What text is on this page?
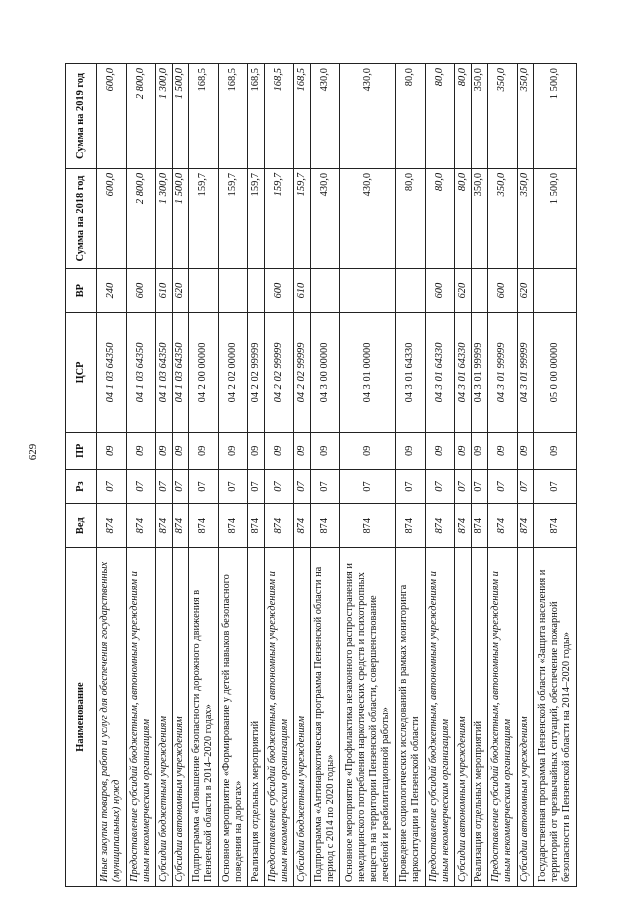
629
Наименование	Вед	Рз	ПР	ЦСР	ВР	Сумма на 2018 год	Сумма на 2019 год
Иные закупки товаров, работ и услуг для обеспечения государственных (муниципальных) нужд	874	07	09	04 1 03 64350	240	600,0	600,0
Предоставление субсидий бюджетным, автономным учреждениям и иным некоммерческим организациям	874	07	09	04 1 03 64350	600	2 800,0	2 800,0
Субсидии бюджетным учреждениям	874	07	09	04 1 03 64350	610	1 300,0	1 300,0
Субсидии автономным учреждениям	874	07	09	04 1 03 64350	620	1 500,0	1 500,0
Подпрограмма «Повышение безопасности дорожного движения в Пензенской области в 2014–2020 годах»	874	07	09	04 2 00 00000		159,7	168,5
Основное мероприятие «Формирование у детей навыков безопасного поведения на дорогах»	874	07	09	04 2 02 00000		159,7	168,5
Реализация отдельных мероприятий	874	07	09	04 2 02 99999		159,7	168,5
Предоставление субсидий бюджетным, автономным учреждениям и иным некоммерческим организациям	874	07	09	04 2 02 99999	600	159,7	168,5
Субсидии бюджетным учреждениям	874	07	09	04 2 02 99999	610	159,7	168,5
Подпрограмма «Антинаркотическая программа Пензенской области на период с 2014 по 2020 годы»	874	07	09	04 3 00 00000		430,0	430,0
Основное мероприятие «Профилактика незаконного распространения и немедицинского потребления наркотических средств и психотропных веществ на территории Пензенской области, совершенствование лечебной и реабилитационной работы»	874	07	09	04 3 01 00000		430,0	430,0
Проведение социологических исследований в рамках мониторинга наркоситуации в Пензенской области	874	07	09	04 3 01 64330		80,0	80,0
Предоставление субсидий бюджетным, автономным учреждениям и иным некоммерческим организациям	874	07	09	04 3 01 64330	600	80,0	80,0
Субсидии автономным учреждениям	874	07	09	04 3 01 64330	620	80,0	80,0
Реализация отдельных мероприятий	874	07	09	04 3 01 99999		350,0	350,0
Предоставление субсидий бюджетным, автономным учреждениям и иным некоммерческим организациям	874	07	09	04 3 01 99999	600	350,0	350,0
Субсидии автономным учреждениям	874	07	09	04 3 01 99999	620	350,0	350,0
Государственная программа Пензенской области «Защита населения и территорий от чрезвычайных ситуаций, обеспечение пожарной безопасности в Пензенской области на 2014–2020 годы»	874	07	09	05 0 00 00000		1 500,0	1 500,0
